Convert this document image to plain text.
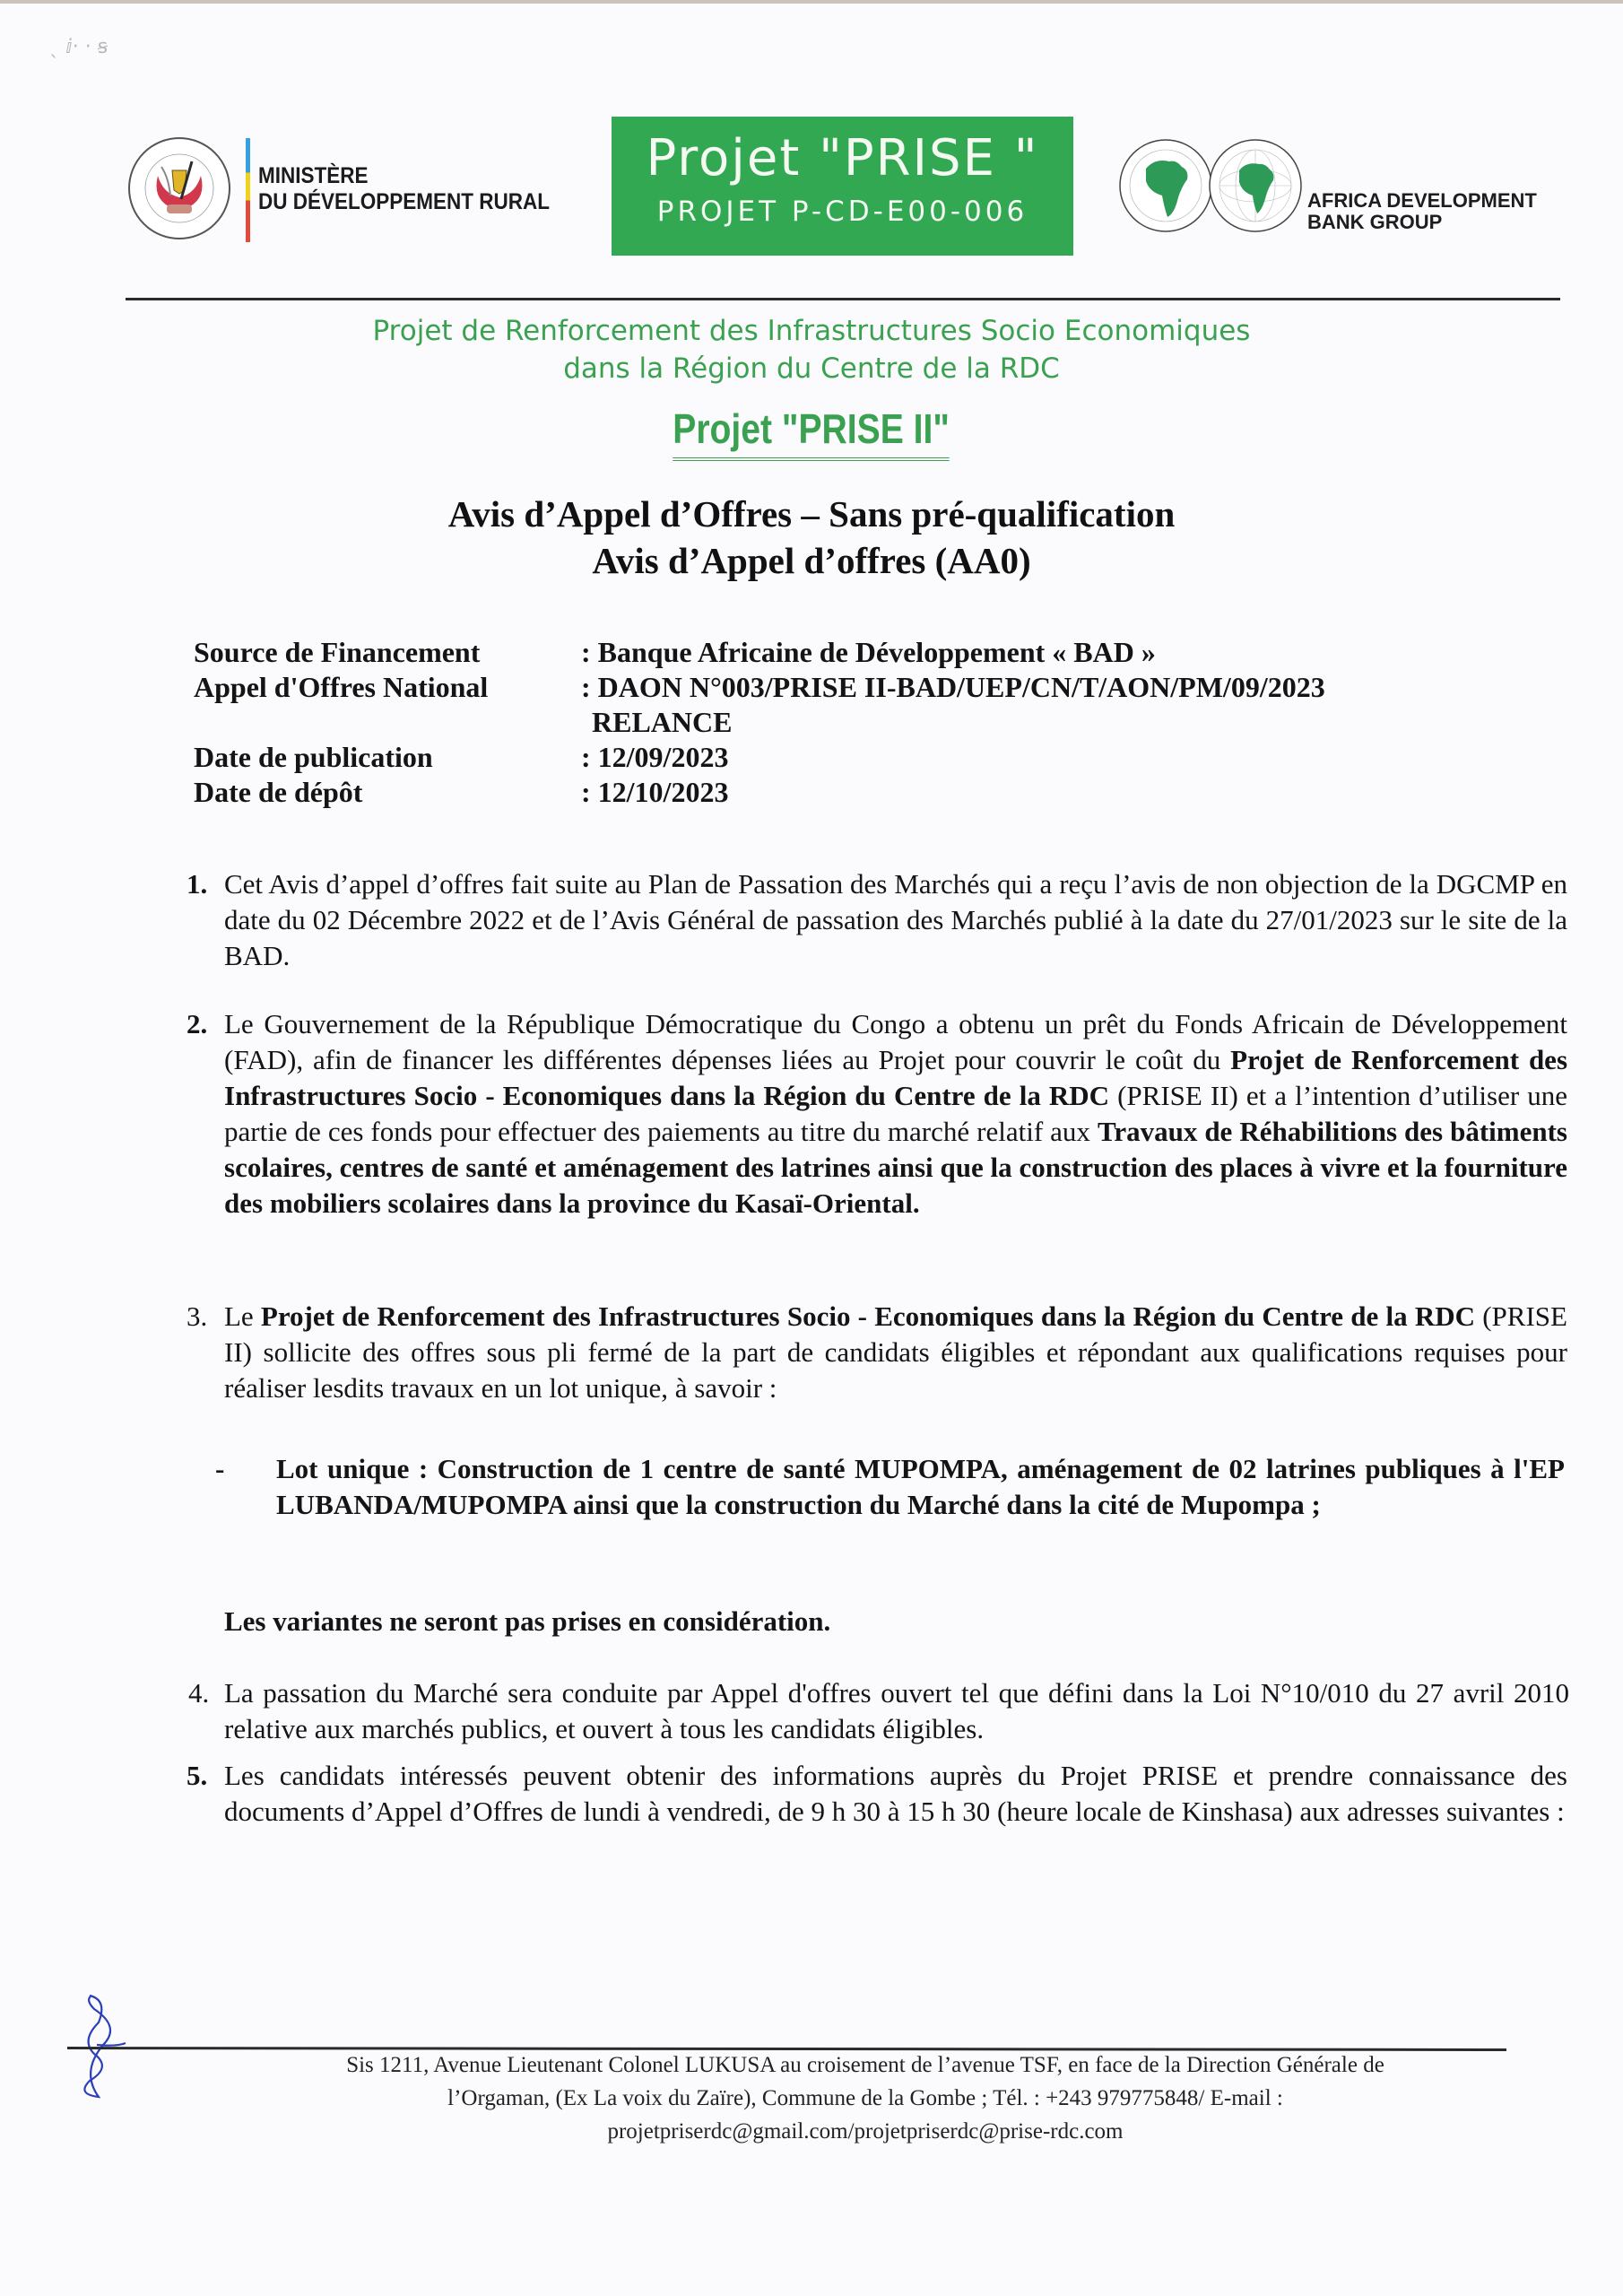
ˎ ⅈ· · ꞩ
MINISTÈRE
DU DÉVELOPPEMENT RURAL
Projet "PRISE "
PROJET P-CD-E00-006	AFRICA DEVELOPMENT
BANK GROUP
Projet de Renforcement des Infrastructures Socio Economiques
dans la Région du Centre de la RDC
Projet "PRISE II"
Avis d’Appel d’Offres – Sans pré-qualification
Avis d’Appel d’offres (AA0)
Source de Financement	: Banque Africaine de Développement « BAD »
Appel d'Offres National	: DAON N°003/PRISE II-BAD/UEP/CN/T/AON/PM/09/2023
RELANCE
Date de publication	: 12/09/2023
Date de dépôt	: 12/10/2023
1. Cet Avis d’appel d’offres fait suite au Plan de Passation des Marchés qui a reçu l’avis de non objection de la DGCMP en date du 02 Décembre 2022 et de l’Avis Général de passation des Marchés publié à la date du 27/01/2023 sur le site de la BAD.
2. Le Gouvernement de la République Démocratique du Congo a obtenu un prêt du Fonds Africain de Développement (FAD), afin de financer les différentes dépenses liées au Projet pour couvrir le coût du Projet de Renforcement des Infrastructures Socio - Economiques dans la Région du Centre de la RDC (PRISE II) et a l’intention d’utiliser une partie de ces fonds pour effectuer des paiements au titre du marché relatif aux Travaux de Réhabilitions des bâtiments scolaires, centres de santé et aménagement des latrines ainsi que la construction des places à vivre et la fourniture des mobiliers scolaires dans la province du Kasaï-Oriental.
3. Le Projet de Renforcement des Infrastructures Socio - Economiques dans la Région du Centre de la RDC (PRISE II) sollicite des offres sous pli fermé de la part de candidats éligibles et répondant aux qualifications requises pour réaliser lesdits travaux en un lot unique, à savoir :
- Lot unique : Construction de 1 centre de santé MUPOMPA, aménagement de 02 latrines publiques à l'EP LUBANDA/MUPOMPA ainsi que la construction du Marché dans la cité de Mupompa ;
Les variantes ne seront pas prises en considération.
4. La passation du Marché sera conduite par Appel d'offres ouvert tel que défini dans la Loi N°10/010 du 27 avril 2010 relative aux marchés publics, et ouvert à tous les candidats éligibles.
5. Les candidats intéressés peuvent obtenir des informations auprès du Projet PRISE et prendre connaissance des documents d’Appel d’Offres de lundi à vendredi, de 9 h 30 à 15 h 30 (heure locale de Kinshasa) aux adresses suivantes :
Sis 1211, Avenue Lieutenant Colonel LUKUSA au croisement de l’avenue TSF, en face de la Direction Générale de
l’Orgaman, (Ex La voix du Zaïre), Commune de la Gombe ; Tél. : +243 979775848/ E-mail :
projetpriserdc@gmail.com/projetpriserdc@prise-rdc.com
